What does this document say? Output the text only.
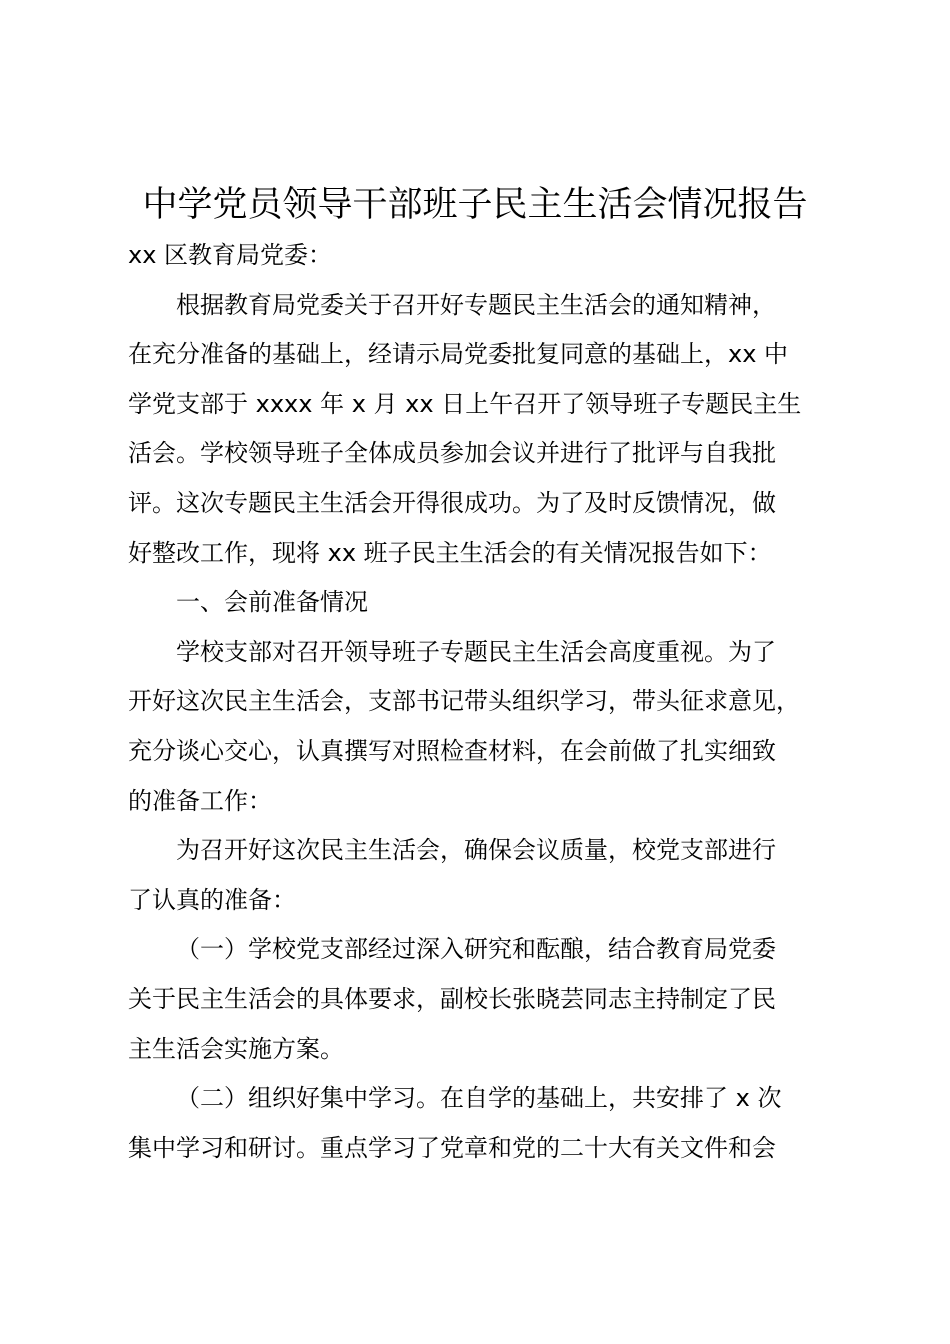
中学党员领导干部班子民主生活会情况报告
xx 区教育局党委：
根据教育局党委关于召开好专题民主生活会的通知精神，
在充分准备的基础上，经请示局党委批复同意的基础上，xx 中
学党支部于 xxxx 年 x 月 xx 日上午召开了领导班子专题民主生
活会。学校领导班子全体成员参加会议并进行了批评与自我批
评。这次专题民主生活会开得很成功。为了及时反馈情况，做
好整改工作，现将 xx 班子民主生活会的有关情况报告如下：
一、会前准备情况
学校支部对召开领导班子专题民主生活会高度重视。为了
开好这次民主生活会，支部书记带头组织学习，带头征求意见，
充分谈心交心，认真撰写对照检查材料，在会前做了扎实细致
的准备工作：
为召开好这次民主生活会，确保会议质量，校党支部进行
了认真的准备：
（一）学校党支部经过深入研究和酝酿，结合教育局党委
关于民主生活会的具体要求，副校长张晓芸同志主持制定了民
主生活会实施方案。
（二）组织好集中学习。在自学的基础上，共安排了 x 次
集中学习和研讨。重点学习了党章和党的二十大有关文件和会
